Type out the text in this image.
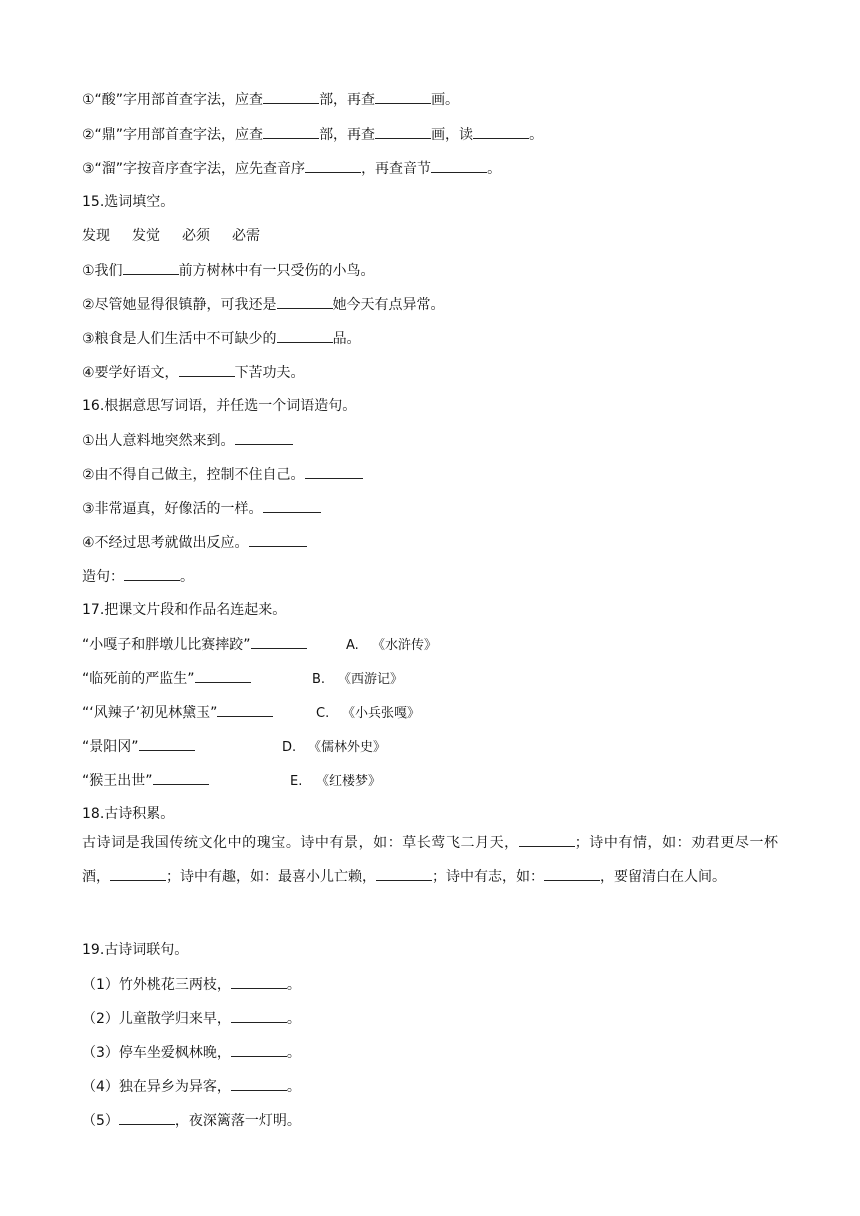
①“酸”字用部首查字法，应查	部，再查	画。
②“鼎”字用部首查字法，应查	部，再查	画，读	。
③“溜”字按音序查字法，应先查音序	，再查音节	。
15.选词填空。
发现 发觉 必须 必需
①我们	前方树林中有一只受伤的小鸟。
②尽管她显得很镇静，可我还是	她今天有点异常。
③粮食是人们生活中不可缺少的	品。
④要学好语文，	下苦功夫。
16.根据意思写词语，并任选一个词语造句。
①出人意料地突然来到。
②由不得自己做主，控制不住自己。
③非常逼真，好像活的一样。
④不经过思考就做出反应。
造句：	。
17.把课文片段和作品名连起来。
“小嘎子和胖墩儿比赛摔跤”	A. 《水浒传》
“临死前的严监生”	B. 《西游记》
“‘风辣子’初见林黛玉”	C. 《小兵张嘎》
“景阳冈”	D. 《儒林外史》
“猴王出世”	E. 《红楼梦》
18.古诗积累。
古诗词是我国传统文化中的瑰宝。诗中有景，如：草长莺飞二月天，	；诗中有情，如：劝君更尽一杯酒，	；诗中有趣，如：最喜小儿亡赖，	；诗中有志，如：	，要留清白在人间。
19.古诗词联句。
（1）竹外桃花三两枝，	。
（2）儿童散学归来早，	。
（3）停车坐爱枫林晚，	。
（4）独在异乡为异客，	。
（5）	，夜深篱落一灯明。
